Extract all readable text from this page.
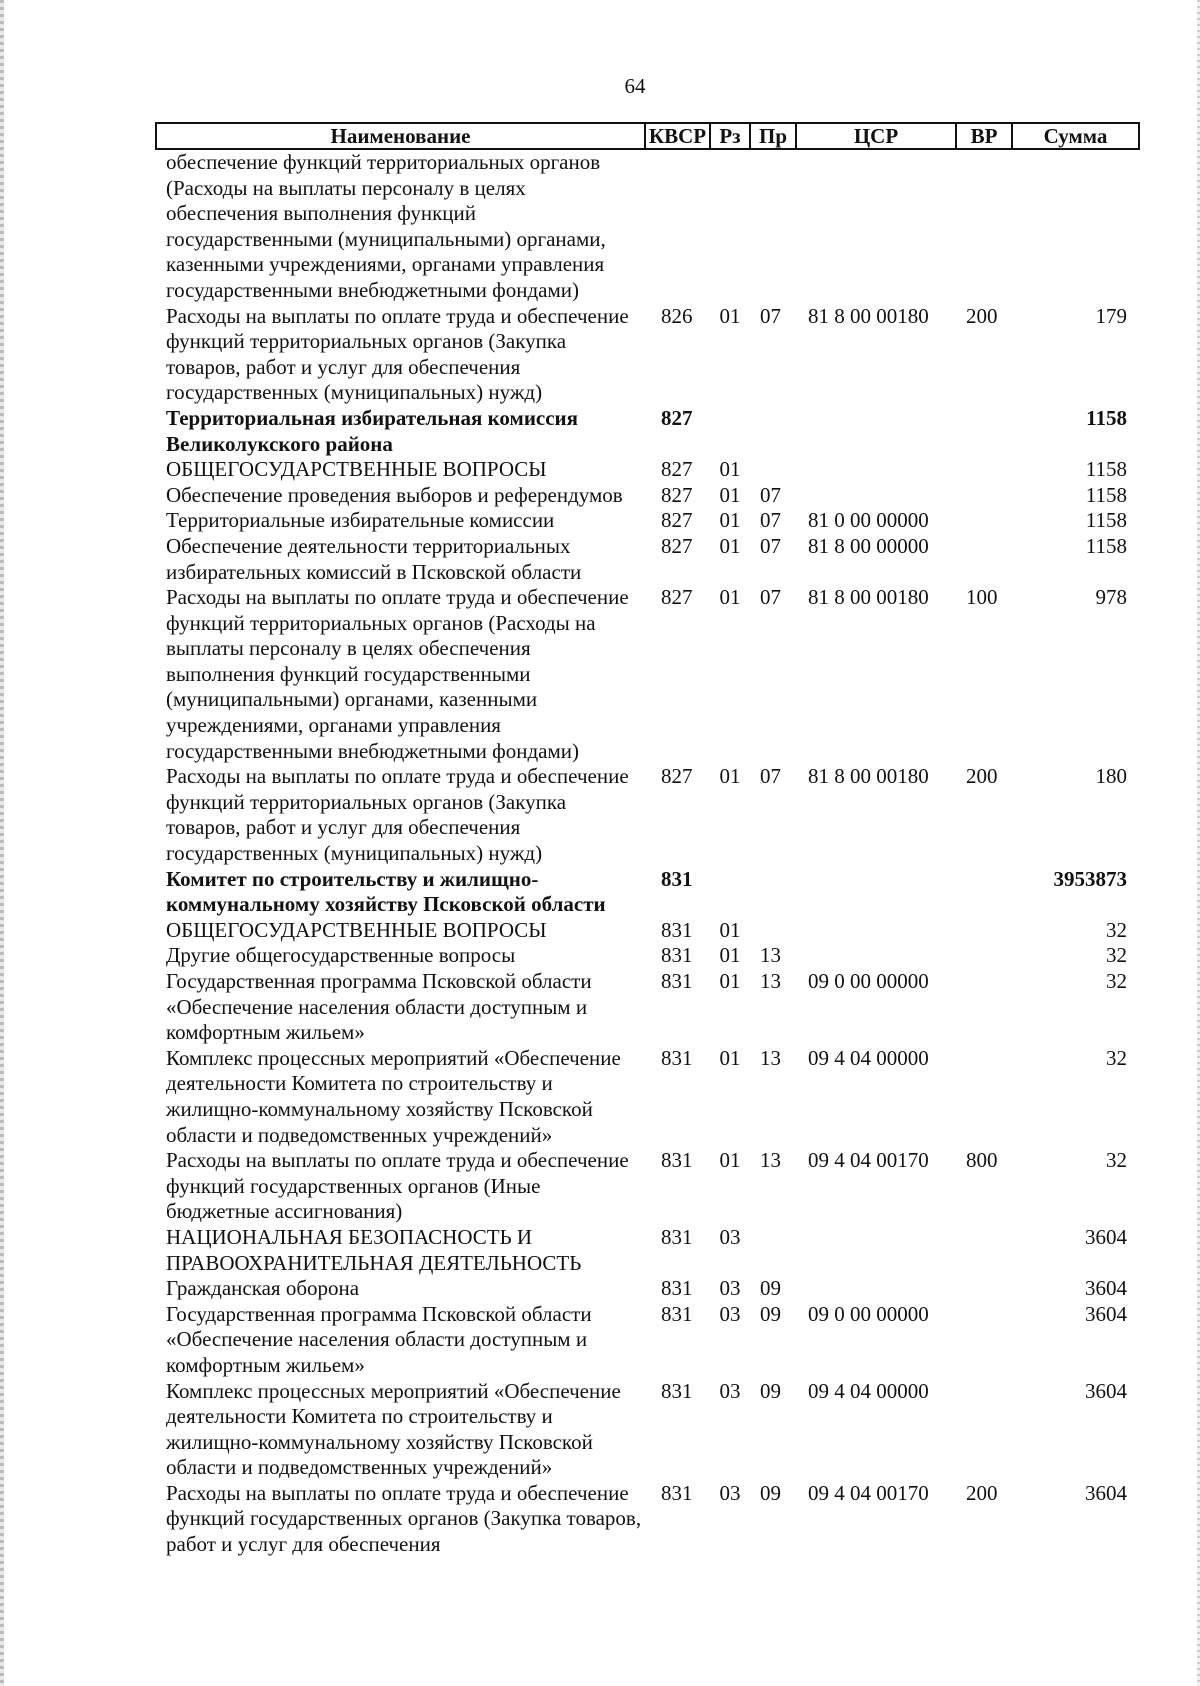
64
Наименование	КВСР	Рз	Пр	ЦСР	ВР	Сумма
обеспечение функций территориальных органов (Расходы на выплаты персоналу в целях обеспечения выполнения функций государственными (муниципальными) органами, казенными учреждениями, органами управления государственными внебюджетными фондами)						
Расходы на выплаты по оплате труда и обеспечение функций территориальных органов (Закупка товаров, работ и услуг для обеспечения государственных (муниципальных) нужд)	826	01	07	81 8 00 00180	200	179
Территориальная избирательная комиссия Великолукского района	827					1158
ОБЩЕГОСУДАРСТВЕННЫЕ ВОПРОСЫ	827	01				1158
Обеспечение проведения выборов и референдумов	827	01	07			1158
Территориальные избирательные комиссии	827	01	07	81 0 00 00000		1158
Обеспечение деятельности территориальных избирательных комиссий в Псковской области	827	01	07	81 8 00 00000		1158
Расходы на выплаты по оплате труда и обеспечение функций территориальных органов (Расходы на выплаты персоналу в целях обеспечения выполнения функций государственными (муниципальными) органами, казенными учреждениями, органами управления государственными внебюджетными фондами)	827	01	07	81 8 00 00180	100	978
Расходы на выплаты по оплате труда и обеспечение функций территориальных органов (Закупка товаров, работ и услуг для обеспечения государственных (муниципальных) нужд)	827	01	07	81 8 00 00180	200	180
Комитет по строительству и жилищно-коммунальному хозяйству Псковской области	831					3953873
ОБЩЕГОСУДАРСТВЕННЫЕ ВОПРОСЫ	831	01				32
Другие общегосударственные вопросы	831	01	13			32
Государственная программа Псковской области «Обеспечение населения области доступным и комфортным жильем»	831	01	13	09 0 00 00000		32
Комплекс процессных мероприятий «Обеспечение деятельности Комитета по строительству и жилищно-коммунальному хозяйству Псковской области и подведомственных учреждений»	831	01	13	09 4 04 00000		32
Расходы на выплаты по оплате труда и обеспечение функций государственных органов (Иные бюджетные ассигнования)	831	01	13	09 4 04 00170	800	32
НАЦИОНАЛЬНАЯ БЕЗОПАСНОСТЬ И ПРАВООХРАНИТЕЛЬНАЯ ДЕЯТЕЛЬНОСТЬ	831	03				3604
Гражданская оборона	831	03	09			3604
Государственная программа Псковской области «Обеспечение населения области доступным и комфортным жильем»	831	03	09	09 0 00 00000		3604
Комплекс процессных мероприятий «Обеспечение деятельности Комитета по строительству и жилищно-коммунальному хозяйству Псковской области и подведомственных учреждений»	831	03	09	09 4 04 00000		3604
Расходы на выплаты по оплате труда и обеспечение функций государственных органов (Закупка товаров, работ и услуг для обеспечения	831	03	09	09 4 04 00170	200	3604
